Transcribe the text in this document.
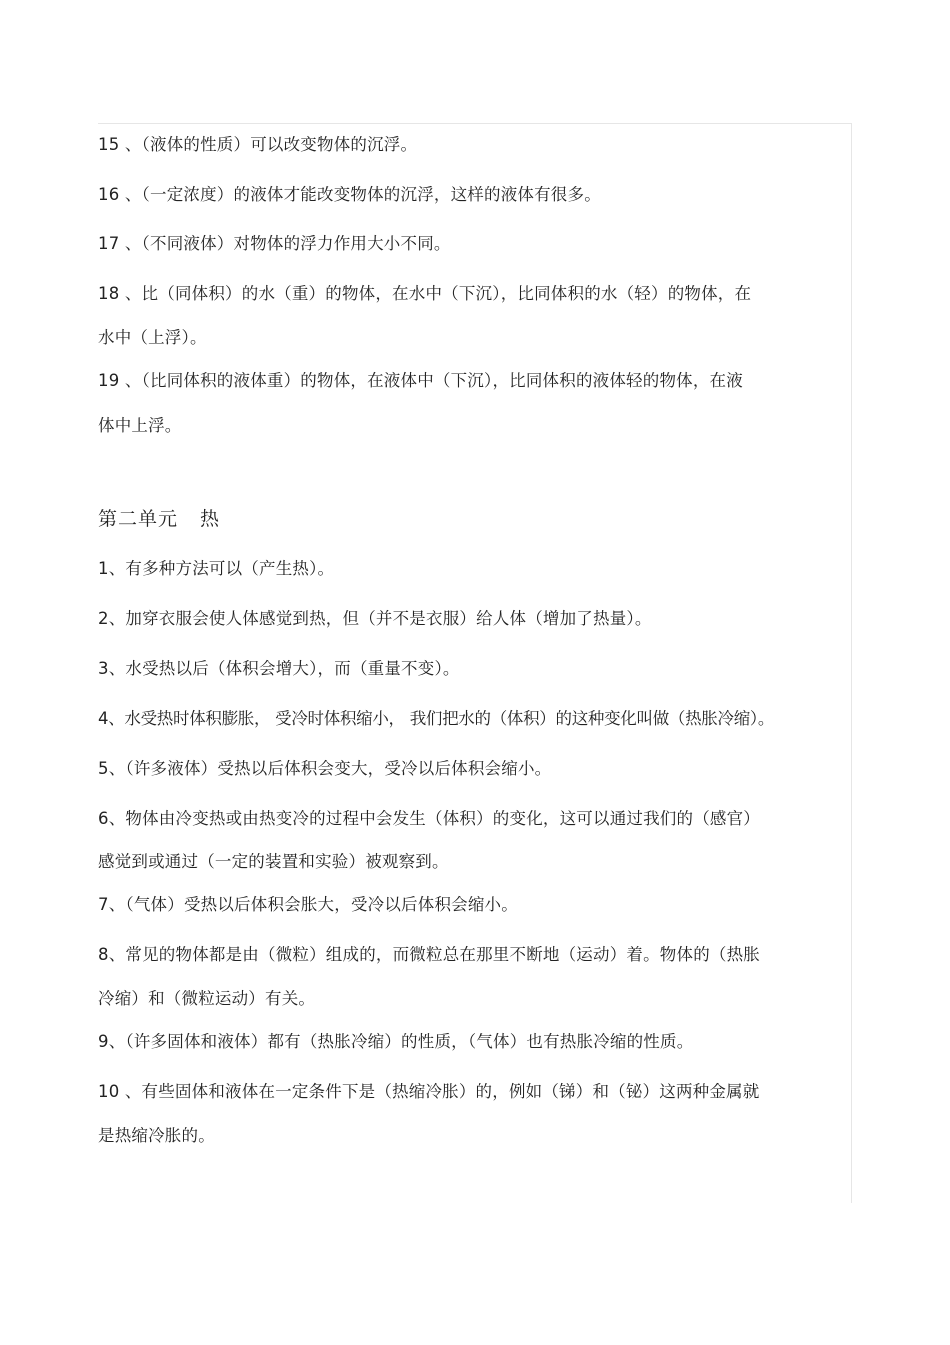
15 、（液体的性质）可以改变物体的沉浮。
16 、（一定浓度）的液体才能改变物体的沉浮，这样的液体有很多。
17 、（不同液体）对物体的浮力作用大小不同。
18 、比（同体积）的水（重）的物体，在水中（下沉），比同体积的水（轻）的物体，在
水中（上浮）。
19 、（比同体积的液体重）的物体，在液体中（下沉），比同体积的液体轻的物体，在液
体中上浮。
第二单元 热
1、有多种方法可以（产生热）。
2、加穿衣服会使人体感觉到热，但（并不是衣服）给人体（增加了热量）。
3、水受热以后（体积会增大），而（重量不变）。
4、水受热时体积膨胀， 受冷时体积缩小， 我们把水的（体积）的这种变化叫做（热胀冷缩）。
5、（许多液体）受热以后体积会变大，受冷以后体积会缩小。
6、物体由冷变热或由热变冷的过程中会发生（体积）的变化，这可以通过我们的（感官）
感觉到或通过（一定的装置和实验）被观察到。
7、（气体）受热以后体积会胀大，受冷以后体积会缩小。
8、常见的物体都是由（微粒）组成的，而微粒总在那里不断地（运动）着。物体的（热胀
冷缩）和（微粒运动）有关。
9、（许多固体和液体）都有（热胀冷缩）的性质，（气体）也有热胀冷缩的性质。
10 、有些固体和液体在一定条件下是（热缩冷胀）的，例如（锑）和（铋）这两种金属就
是热缩冷胀的。
